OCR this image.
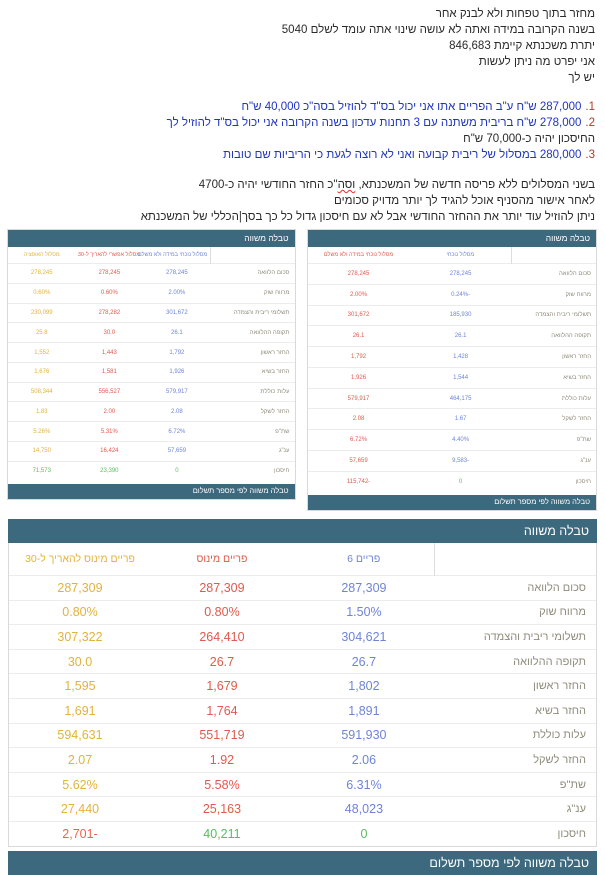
מחזר בתוך טפחות ולא לבנק אחר
בשנה הקרובה במידה ואתה לא עושה שינוי אתה עומד לשלם 5040
יתרת משכנתא קיימת 846,683
אני יפרט מה ניתן לעשות
יש לך
1.
287,000 ש"ח ע"ב הפריים אתו אני יכול בס"ד להוזיל בסה"כ 40,000 ש"ח
2.
278,000 ש"ח בריבית משתנה עם 3 תחנות עדכון בשנה הקרובה אני יכול בס"ד להוזיל לך
החיסכון יהיה כ-70,000 ש"ח
3.
280,000 במסלול של ריבית קבועה ואני לא רוצה לגעת כי הריביות שם טובות
בשני המסלולים ללא פריסה חדשה של המשכנתא, וסה"כ החזר החודשי יהיה כ-4700
לאחר אישור מהסניף אוכל להגיד לך יותר מדויק סכומים
ניתן להוזיל עוד יותר את ההחזר החודשי אבל לא עם חיסכון גדול כל כך בסך|הכללי של המשכנתא
טבלה משווה
	מסלול נוכחי	מסלול נוכחי במידה ולא משלם
סכום הלוואה	278,245	278,245
מרווח שוק	-0.24%	2.00%
תשלומי ריבית והצמדה	185,930	301,672
תקופה ההלוואה	26.1	26.1
החזר ראשון	1,428	1,792
החזר בשיא	1,544	1,926
עלות כוללת	464,175	579,917
החזר לשקל	1.67	2.08
שת"פ	4.40%	6.72%
ענ"ג	-9,583	57,659
חיסכון	0	-115,742
טבלה משווה לפי מספר תשלום
טבלה משווה
	מסלול נוכחי במידה ולא משלם	מסלול אפשרי להאריך ל-30	מסלול האופציה
סכום הלוואה	278,245	278,245	278,245
מרווח שוק	2.00%	0.60%	0.60%
תשלומי ריבית והצמדה	301,672	278,282	230,099
תקופה ההלוואה	26.1	30.0	25.8
החזר ראשון	1,792	1,443	1,552
החזר בשיא	1,926	1,581	1,676
עלות כוללת	579,917	556,527	508,344
החזר לשקל	2.08	2.00	1.83
שת"פ	6.72%	5.31%	5.26%
ענ"ג	57,659	16,424	14,750
חיסכון	0	23,390	71,573
טבלה משווה לפי מספר תשלום
טבלה משווה
	פריים 6	פריים מינוס	פריים מינוס להאריך ל-30
סכום הלוואה	287,309	287,309	287,309
מרווח שוק	1.50%	0.80%	0.80%
תשלומי ריבית והצמדה	304,621	264,410	307,322
תקופה ההלוואה	26.7	26.7	30.0
החזר ראשון	1,802	1,679	1,595
החזר בשיא	1,891	1,764	1,691
עלות כוללת	591,930	551,719	594,631
החזר לשקל	2.06	1.92	2.07
שת"פ	6.31%	5.58%	5.62%
ענ"ג	48,023	25,163	27,440
חיסכון	0	40,211	-2,701
טבלה משווה לפי מספר תשלום
